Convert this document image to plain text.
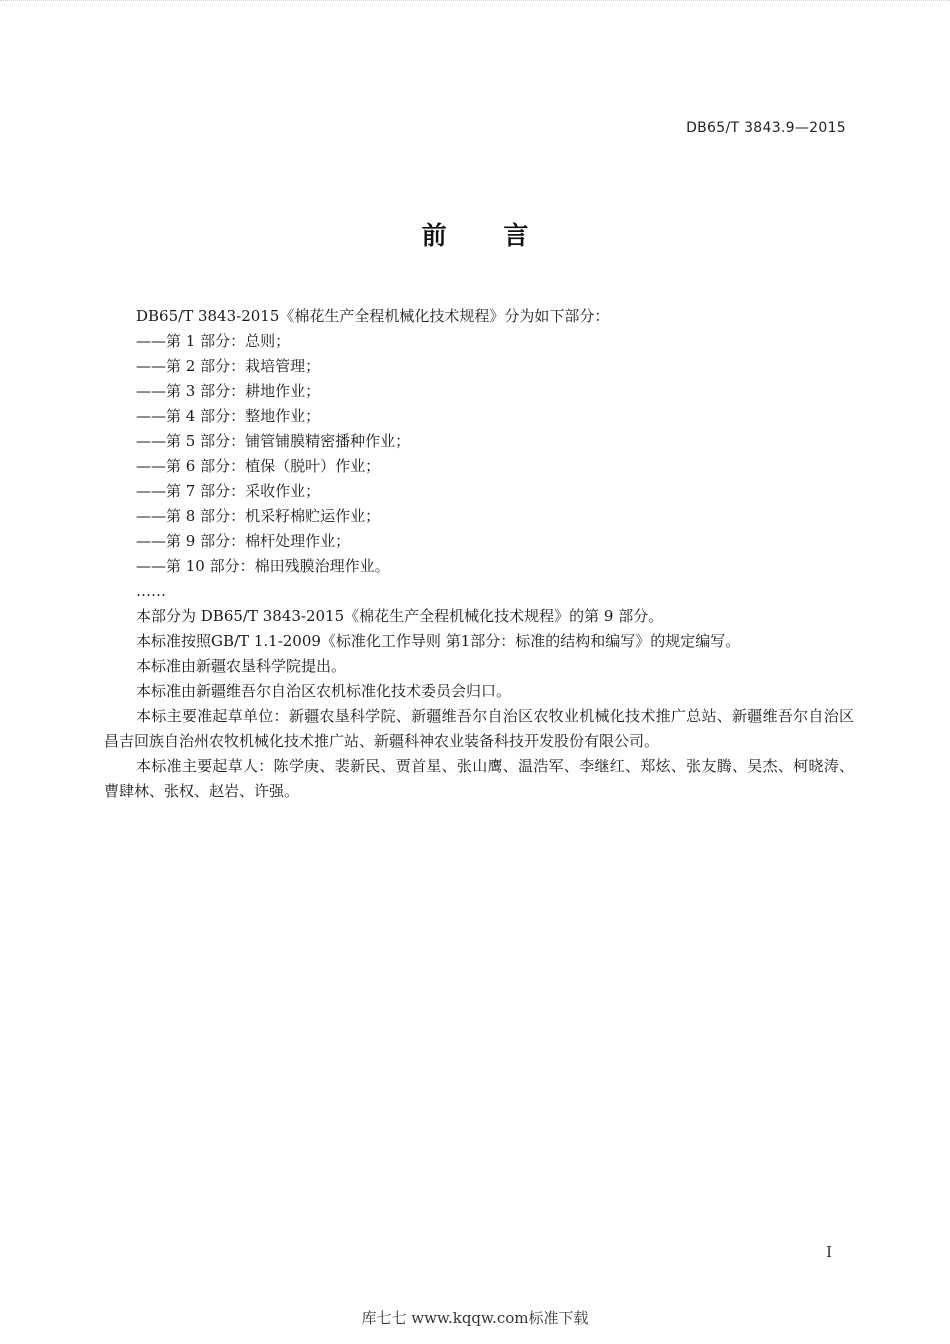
DB65/T 3843.9—2015
前 言

DB65/T 3843-2015《棉花生产全程机械化技术规程》分为如下部分：

——第 1 部分：总则；

——第 2 部分：栽培管理；

——第 3 部分：耕地作业；

——第 4 部分：整地作业；

——第 5 部分：铺管铺膜精密播种作业；

——第 6 部分：植保（脱叶）作业；

——第 7 部分：采收作业；

——第 8 部分：机采籽棉贮运作业；

——第 9 部分：棉杆处理作业；

——第 10 部分：棉田残膜治理作业。

……

本部分为 DB65/T 3843-2015《棉花生产全程机械化技术规程》的第 9 部分。

本标准按照GB/T 1.1-2009《标准化工作导则 第1部分：标准的结构和编写》的规定编写。

本标准由新疆农垦科学院提出。

本标准由新疆维吾尔自治区农机标准化技术委员会归口。

本标主要准起草单位：新疆农垦科学院、新疆维吾尔自治区农牧业机械化技术推广总站、新疆维吾尔自治区昌吉回族自治州农牧机械化技术推广站、新疆科神农业装备科技开发股份有限公司。

本标准主要起草人：陈学庚、裴新民、贾首星、张山鹰、温浩军、李继红、郑炫、张友腾、吴杰、柯晓涛、曹肆林、张权、赵岩、许强。

I
库七七 www.kqqw.com标准下载
